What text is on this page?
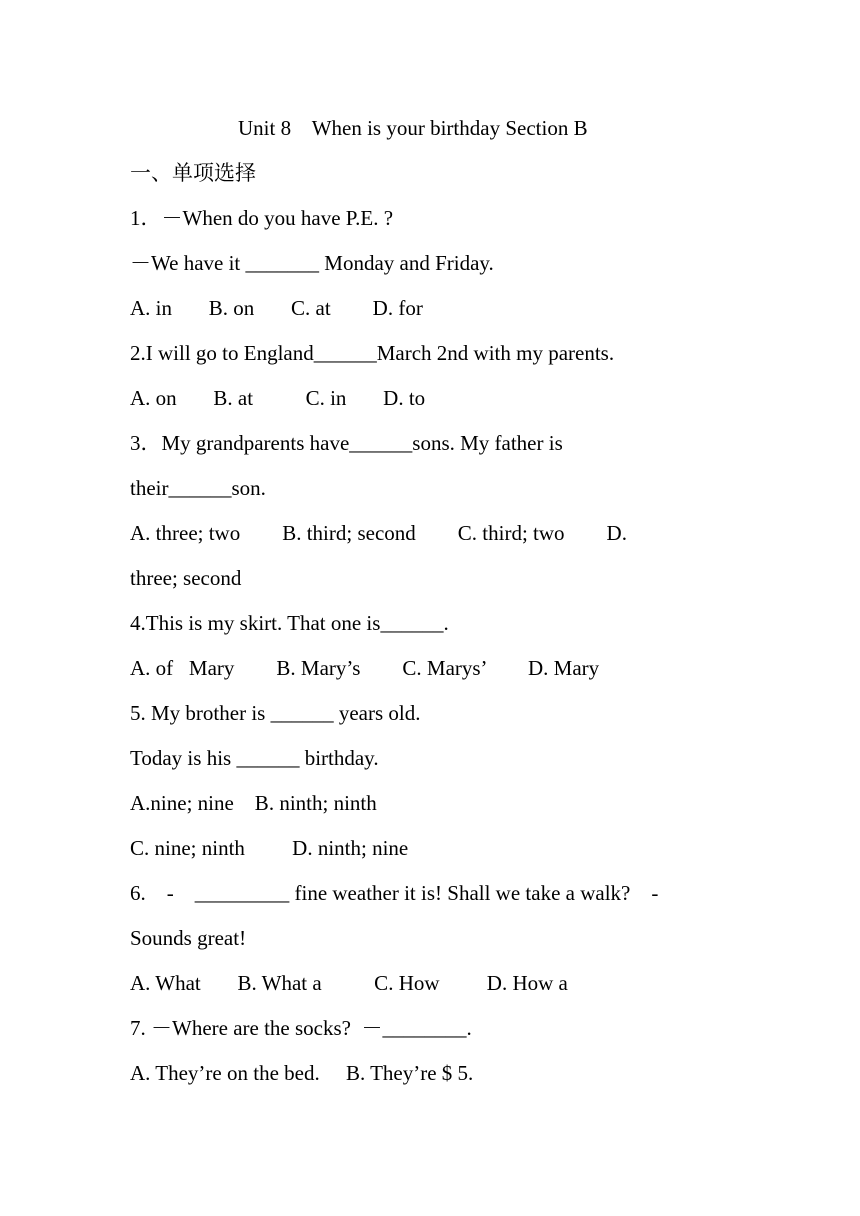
Unit 8    When is your birthday Section B
一、单项选择
1．－When do you have P.E. ?
－We have it _______ Monday and Friday.
A. in       B. on       C. at        D. for
2.I will go to England______March 2nd with my parents.
A. on       B. at          C. in       D. to
3．My grandparents have______sons. My father is
their______son.
A. three; two        B. third; second        C. third; two        D.
three; second
4.This is my skirt. That one is______.
A. of   Mary        B. Mary’s        C. Marys’        D. Mary
5. My brother is ______ years old.
Today is his ______ birthday.
A.nine; nine    B. ninth; ninth
C. nine; ninth         D. ninth; nine
6.    -    _________ fine weather it is! Shall we take a walk?    -
Sounds great!
A. What       B. What a          C. How         D. How a
7. －Where are the socks?  －________.
A. They’re on the bed.     B. They’re $ 5.
